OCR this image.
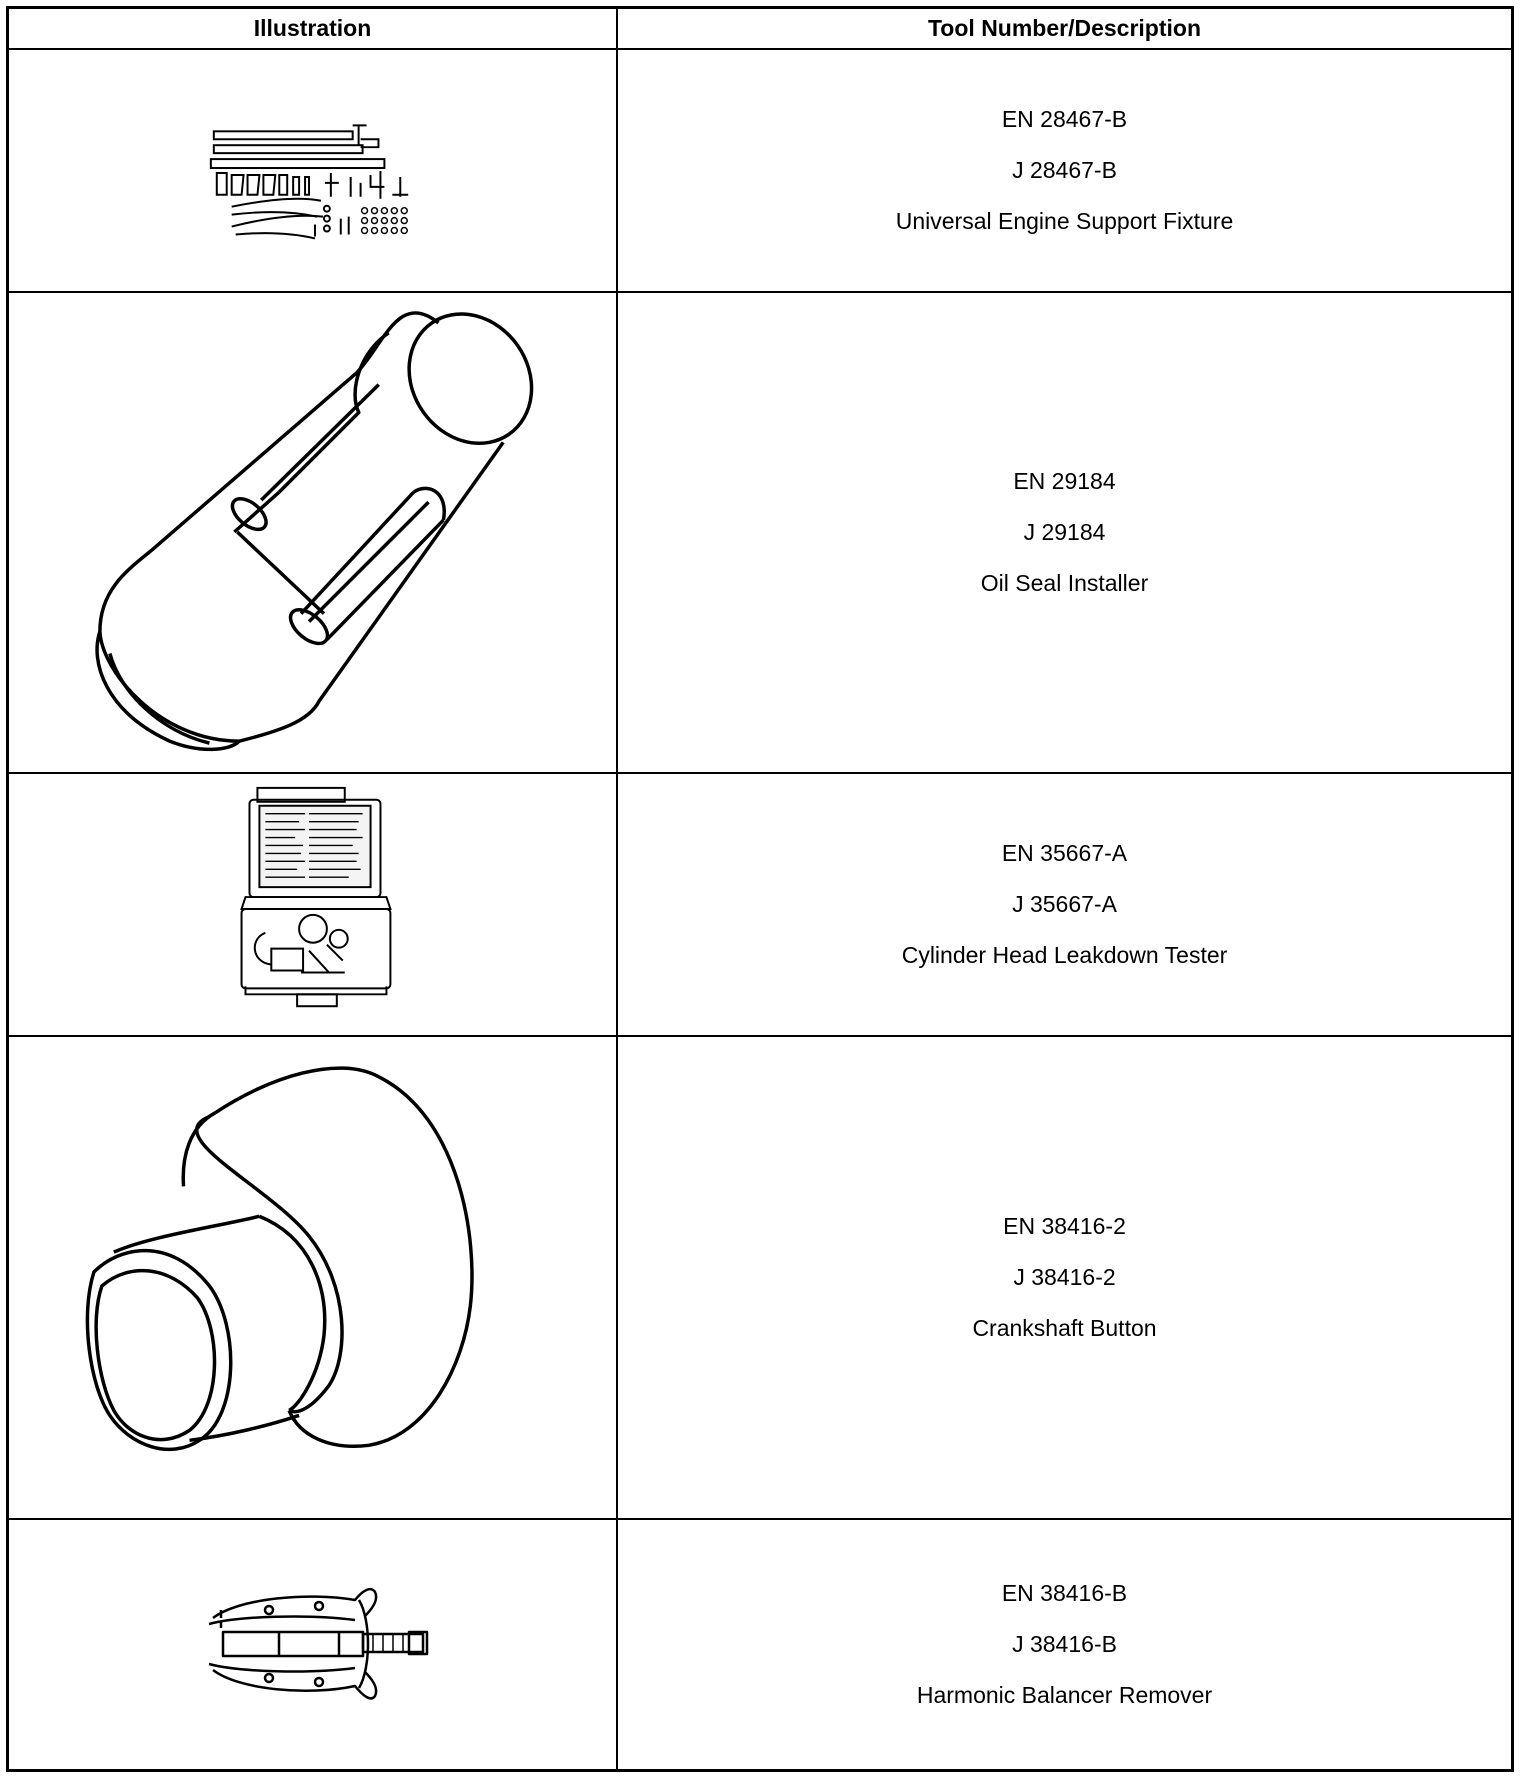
Illustration	Tool Number/Description
EN 28467-B
J 28467-B
Universal Engine Support Fixture
EN 29184
J 29184
Oil Seal Installer
EN 35667-A
J 35667-A
Cylinder Head Leakdown Tester
EN 38416-2
J 38416-2
Crankshaft Button
EN 38416-B
J 38416-B
Harmonic Balancer Remover
